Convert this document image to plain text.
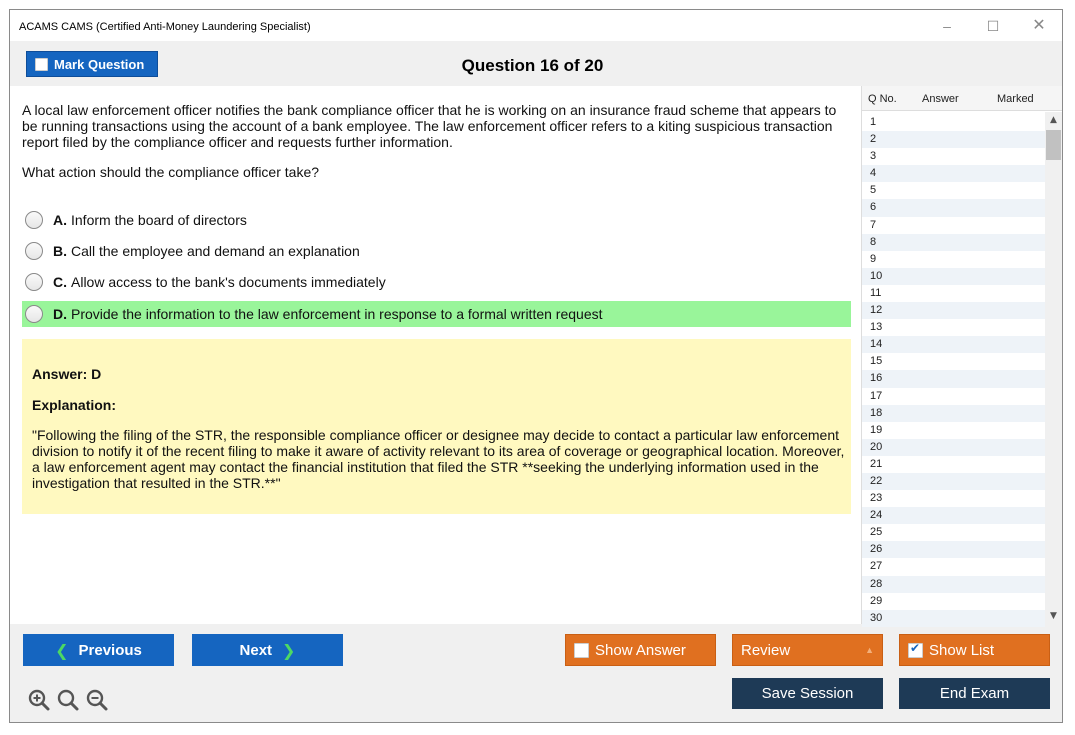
ACAMS CAMS (Certified Anti-Money Laundering Specialist)	–	☐	✕
Mark Question	Question 16 of 20
A local law enforcement officer notifies the bank compliance officer that he is working on an insurance fraud scheme that appears to be running transactions using the account of a bank employee. The law enforcement officer refers to a kiting suspicious transaction report filed by the compliance officer and requests further information.
What action should the compliance officer take?
A. Inform the board of directors
B. Call the employee and demand an explanation
C. Allow access to the bank's documents immediately
D. Provide the information to the law enforcement in response to a formal written request
Answer: D
Explanation:
"Following the filing of the STR, the responsible compliance officer or designee may decide to contact a particular law enforcement division to notify it of the recent filing to make it aware of activity relevant to its area of coverage or geographical location. Moreover, a law enforcement agent may contact the financial institution that filed the STR **seeking the underlying information used in the investigation that resulted in the STR.**"
Q No. Answer	Marked
1
2
3
4
5
6
7
8
9
10
11
12
13
14
15
16
17
18
19
20
21
22
23
24
25
26
27
28
29
30
▲
▼
❮ Previous	Next ❯	Show Answer	Review	▲
✔	Show List
Save Session	End Exam
